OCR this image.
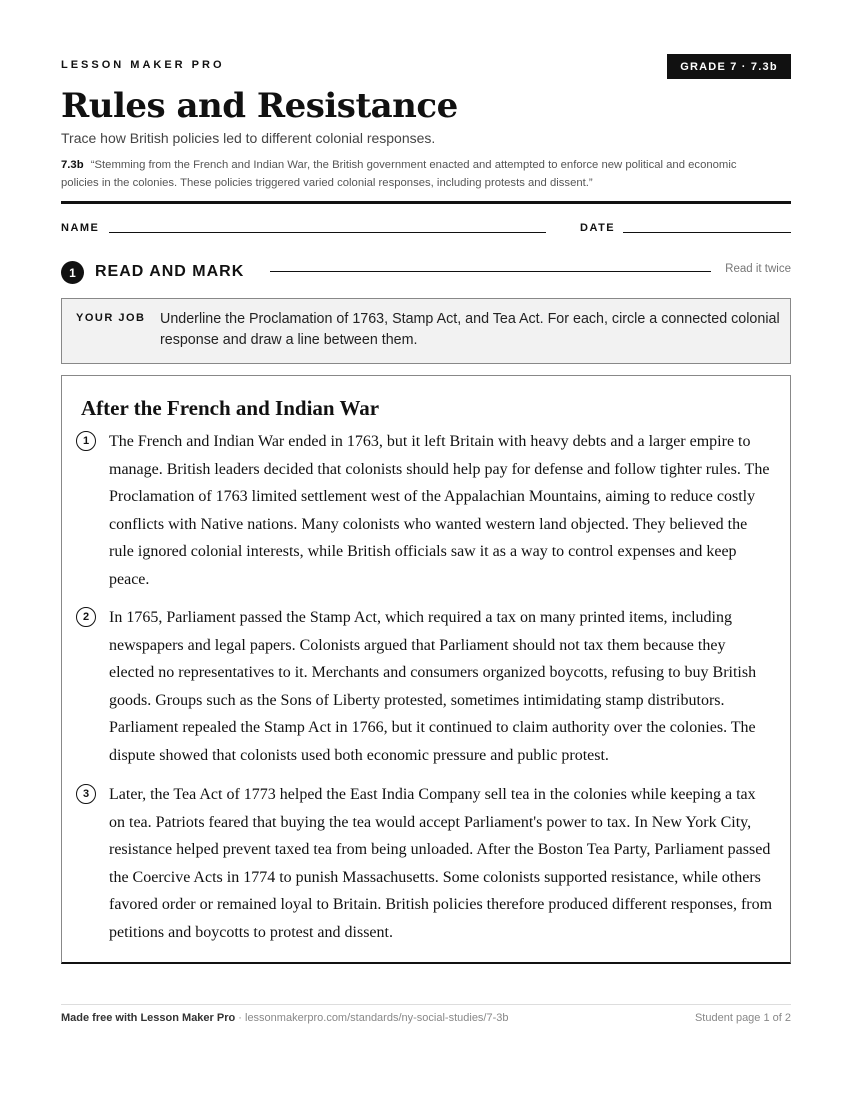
LESSON MAKER PRO	GRADE 7 · 7.3b
Rules and Resistance
Trace how British policies led to different colonial responses.
7.3b “Stemming from the French and Indian War, the British government enacted and attempted to enforce new political and economic policies in the colonies. These policies triggered varied colonial responses, including protests and dissent.”
NAME	DATE
1	READ AND MARK	Read it twice
YOUR JOB Underline the Proclamation of 1763, Stamp Act, and Tea Act. For each, circle a connected colonial response and draw a line between them.
After the French and Indian War
1	The French and Indian War ended in 1763, but it left Britain with heavy debts and a larger empire to manage. British leaders decided that colonists should help pay for defense and follow tighter rules. The Proclamation of 1763 limited settlement west of the Appalachian Mountains, aiming to reduce costly conflicts with Native nations. Many colonists who wanted western land objected. They believed the rule ignored colonial interests, while British officials saw it as a way to control expenses and keep peace.

2	In 1765, Parliament passed the Stamp Act, which required a tax on many printed items, including newspapers and legal papers. Colonists argued that Parliament should not tax them because they elected no representatives to it. Merchants and consumers organized boycotts, refusing to buy British goods. Groups such as the Sons of Liberty protested, sometimes intimidating stamp distributors. Parliament repealed the Stamp Act in 1766, but it continued to claim authority over the colonies. The dispute showed that colonists used both economic pressure and public protest.

3	Later, the Tea Act of 1773 helped the East India Company sell tea in the colonies while keeping a tax on tea. Patriots feared that buying the tea would accept Parliament's power to tax. In New York City, resistance helped prevent taxed tea from being unloaded. After the Boston Tea Party, Parliament passed the Coercive Acts in 1774 to punish Massachusetts. Some colonists supported resistance, while others favored order or remained loyal to Britain. British policies therefore produced different responses, from petitions and boycotts to protest and dissent.

Made free with Lesson Maker Pro · lessonmakerpro.com/standards/ny-social-studies/7-3b	Student page 1 of 2
